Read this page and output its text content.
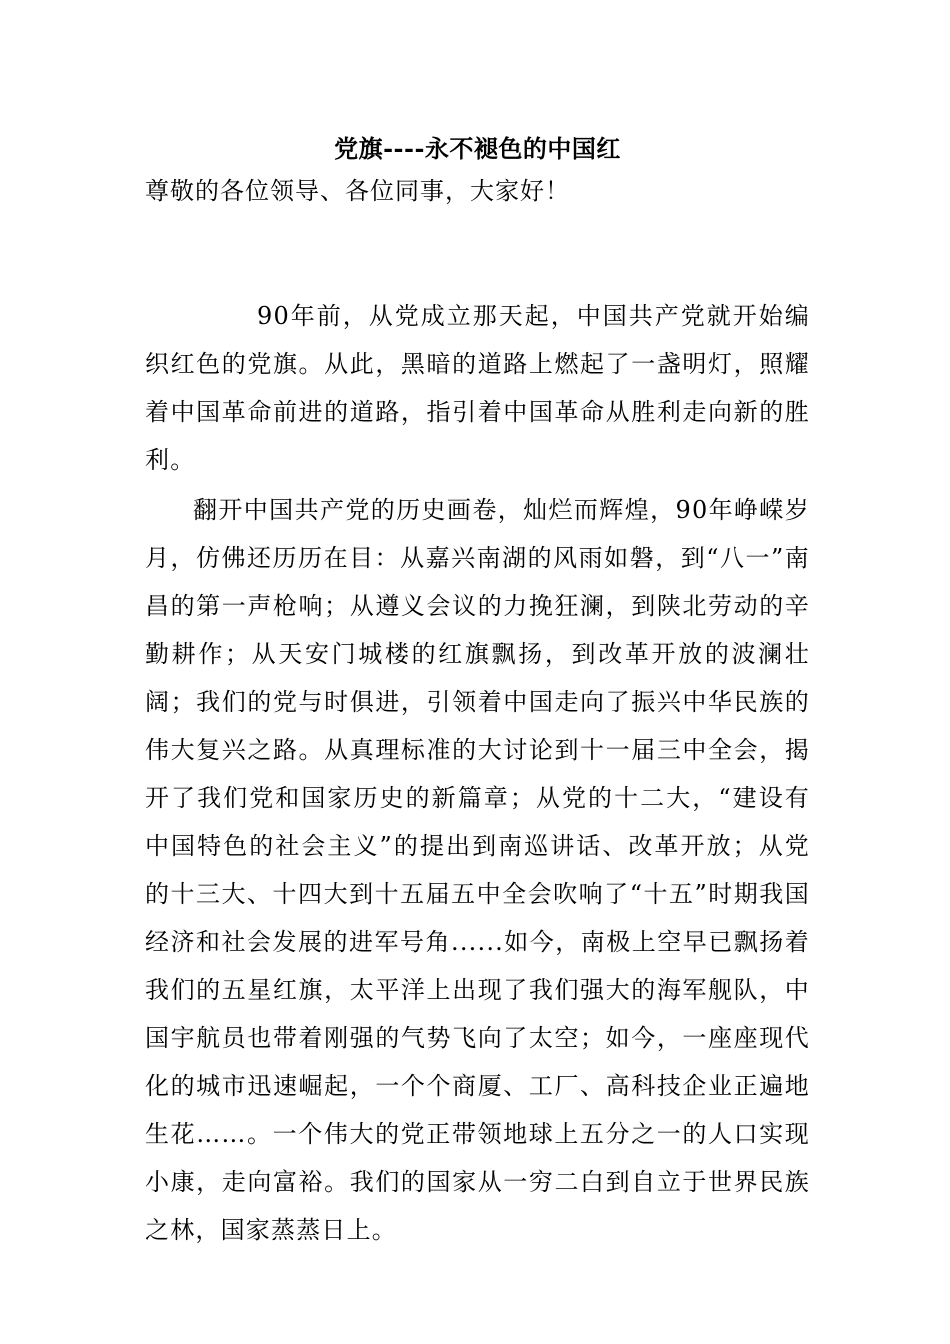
党旗----永不褪色的中国红

尊敬的各位领导、各位同事，大家好！

90年前，从党成立那天起，中国共产党就开始编织红色的党旗。从此，黑暗的道路上燃起了一盏明灯，照耀着中国革命前进的道路，指引着中国革命从胜利走向新的胜利。

翻开中国共产党的历史画卷，灿烂而辉煌，90年峥嵘岁月，仿佛还历历在目：从嘉兴南湖的风雨如磐，到“八一”南昌的第一声枪响；从遵义会议的力挽狂澜，到陕北劳动的辛勤耕作；从天安门城楼的红旗飘扬，到改革开放的波澜壮阔；我们的党与时俱进，引领着中国走向了振兴中华民族的伟大复兴之路。从真理标准的大讨论到十一届三中全会，揭开了我们党和国家历史的新篇章；从党的十二大，“建设有中国特色的社会主义”的提出到南巡讲话、改革开放；从党的十三大、十四大到十五届五中全会吹响了“十五”时期我国经济和社会发展的进军号角......如今，南极上空早已飘扬着我们的五星红旗，太平洋上出现了我们强大的海军舰队，中国宇航员也带着刚强的气势飞向了太空；如今，一座座现代化的城市迅速崛起，一个个商厦、工厂、高科技企业正遍地生花……。一个伟大的党正带领地球上五分之一的人口实现小康，走向富裕。我们的国家从一穷二白到自立于世界民族之林，国家蒸蒸日上。
